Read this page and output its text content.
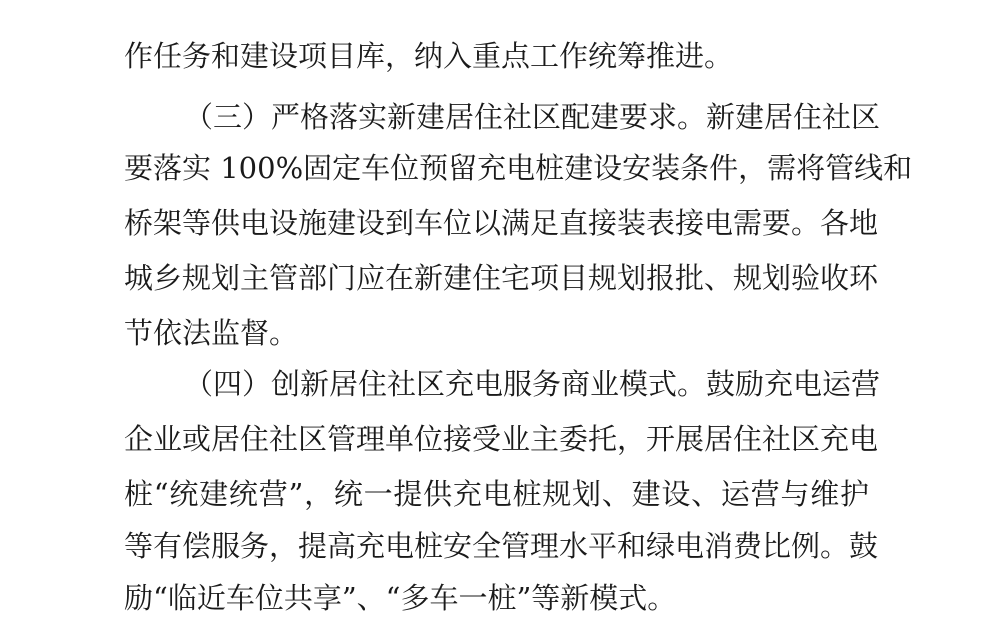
作任务和建设项目库，纳入重点工作统筹推进。
（三）严格落实新建居住社区配建要求。新建居住社区
要落实 100%固定车位预留充电桩建设安装条件，需将管线和
桥架等供电设施建设到车位以满足直接装表接电需要。各地
城乡规划主管部门应在新建住宅项目规划报批、规划验收环
节依法监督。
（四）创新居住社区充电服务商业模式。鼓励充电运营
企业或居住社区管理单位接受业主委托，开展居住社区充电
桩“统建统营”，统一提供充电桩规划、建设、运营与维护
等有偿服务，提高充电桩安全管理水平和绿电消费比例。鼓
励“临近车位共享”、“多车一桩”等新模式。
